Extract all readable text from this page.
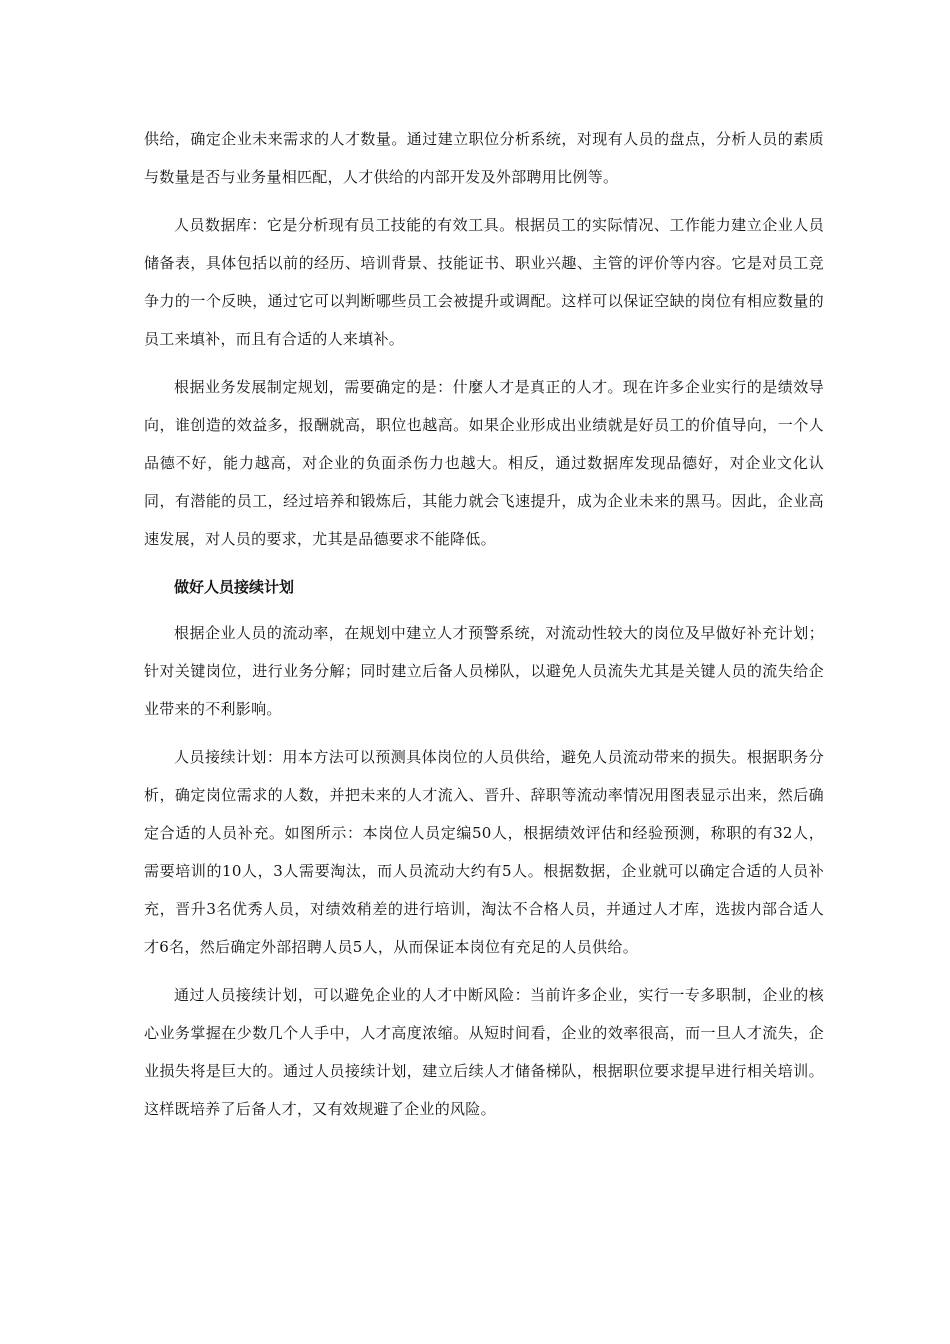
供给，确定企业未来需求的人才数量。通过建立职位分析系统，对现有人员的盘点，分析人员的素质与数量是否与业务量相匹配，人才供给的内部开发及外部聘用比例等。

人员数据库：它是分析现有员工技能的有效工具。根据员工的实际情况、工作能力建立企业人员储备表，具体包括以前的经历、培训背景、技能证书、职业兴趣、主管的评价等内容。它是对员工竞争力的一个反映，通过它可以判断哪些员工会被提升或调配。这样可以保证空缺的岗位有相应数量的员工来填补，而且有合适的人来填补。

根据业务发展制定规划，需要确定的是：什麼人才是真正的人才。现在许多企业实行的是绩效导向，谁创造的效益多，报酬就高，职位也越高。如果企业形成出业绩就是好员工的价值导向，一个人品德不好，能力越高，对企业的负面杀伤力也越大。相反，通过数据库发现品德好，对企业文化认同，有潜能的员工，经过培养和锻炼后，其能力就会飞速提升，成为企业未来的黑马。因此，企业高速发展，对人员的要求，尤其是品德要求不能降低。

做好人员接续计划

根据企业人员的流动率，在规划中建立人才预警系统，对流动性较大的岗位及早做好补充计划；针对关键岗位，进行业务分解；同时建立后备人员梯队，以避免人员流失尤其是关键人员的流失给企业带来的不利影响。

人员接续计划：用本方法可以预测具体岗位的人员供给，避免人员流动带来的损失。根据职务分析，确定岗位需求的人数，并把未来的人才流入、晋升、辞职等流动率情况用图表显示出来，然后确定合适的人员补充。如图所示：本岗位人员定编50人，根据绩效评估和经验预测，称职的有32人，需要培训的10人，3人需要淘汰，而人员流动大约有5人。根据数据，企业就可以确定合适的人员补充，晋升3名优秀人员，对绩效稍差的进行培训，淘汰不合格人员，并通过人才库，选拔内部合适人才6名，然后确定外部招聘人员5人，从而保证本岗位有充足的人员供给。

通过人员接续计划，可以避免企业的人才中断风险：当前许多企业，实行一专多职制，企业的核心业务掌握在少数几个人手中，人才高度浓缩。从短时间看，企业的效率很高，而一旦人才流失，企业损失将是巨大的。通过人员接续计划，建立后续人才储备梯队，根据职位要求提早进行相关培训。这样既培养了后备人才，又有效规避了企业的风险。
